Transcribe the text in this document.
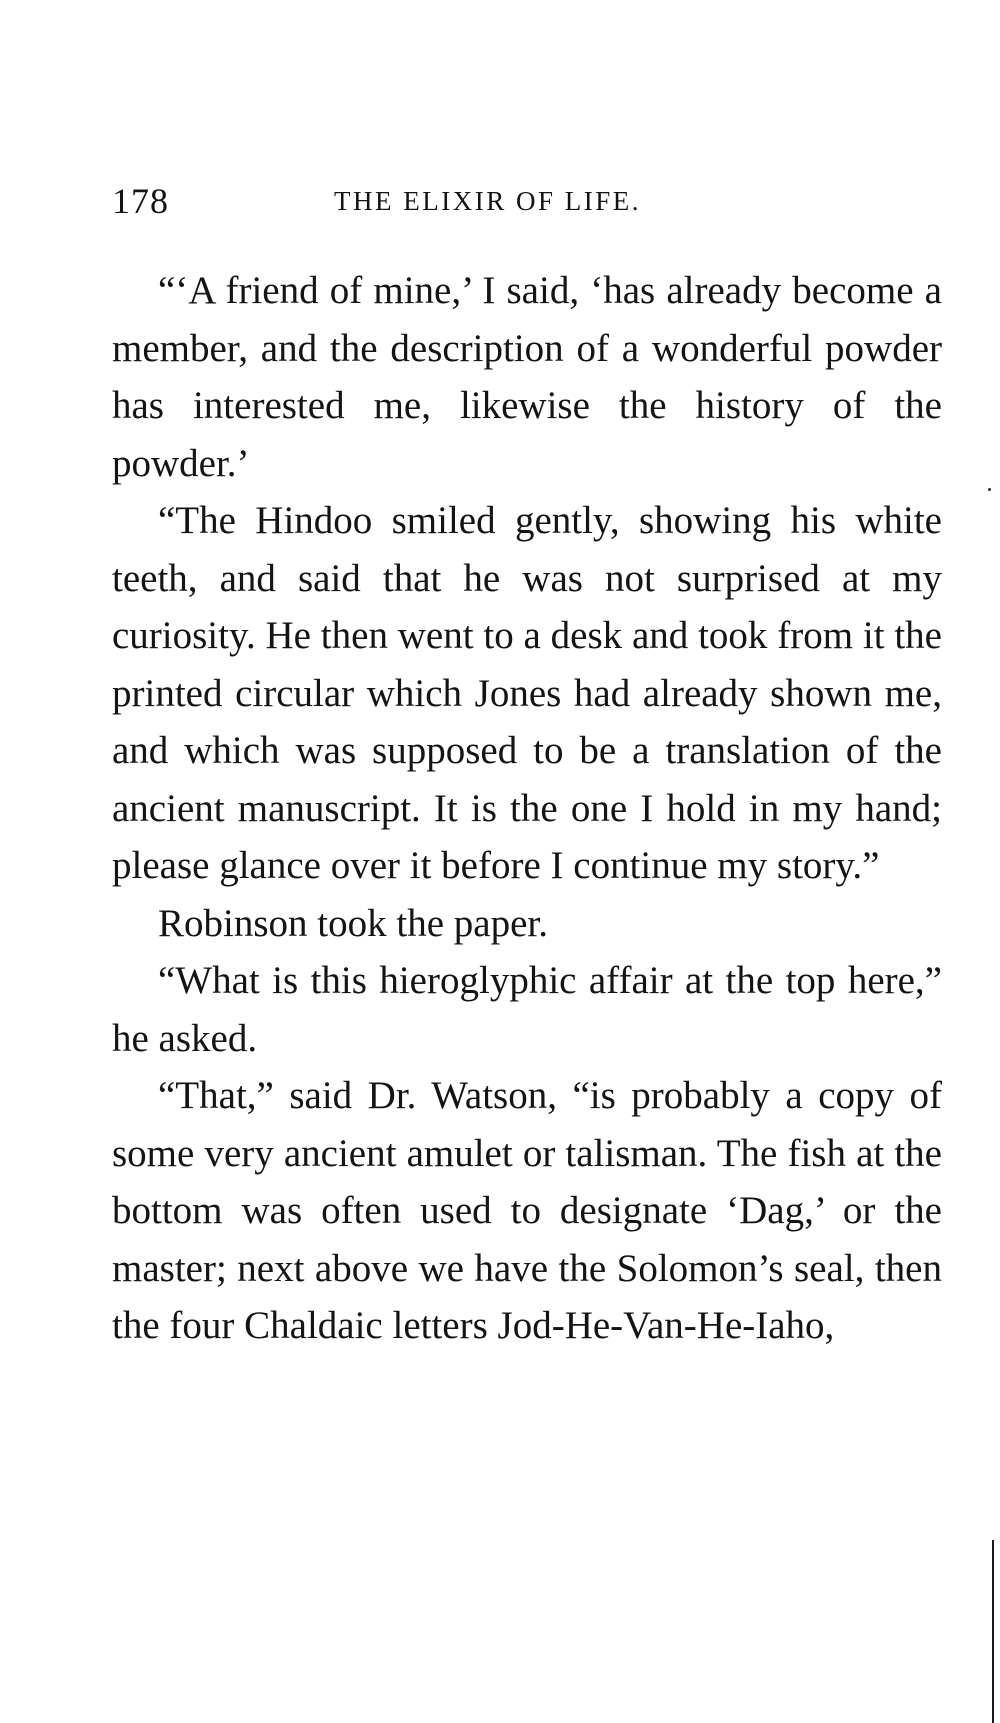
178	THE ELIXIR OF LIFE.

“‘A friend of mine,’ I said, ‘has already become a member, and the description of a wonderful powder has interested me, likewise the history of the powder.’

“The Hindoo smiled gently, showing his white teeth, and said that he was not surprised at my curiosity. He then went to a desk and took from it the printed circular which Jones had already shown me, and which was supposed to be a translation of the ancient manuscript. It is the one I hold in my hand; please glance over it before I continue my story.”

Robinson took the paper.

“What is this hieroglyphic affair at the top here,” he asked.

“That,” said Dr. Watson, “is probably a copy of some very ancient amulet or talisman. The fish at the bottom was often used to designate ‘Dag,’ or the master; next above we have the Solomon’s seal, then the four Chaldaic letters Jod-He-Van-He-Iaho,
